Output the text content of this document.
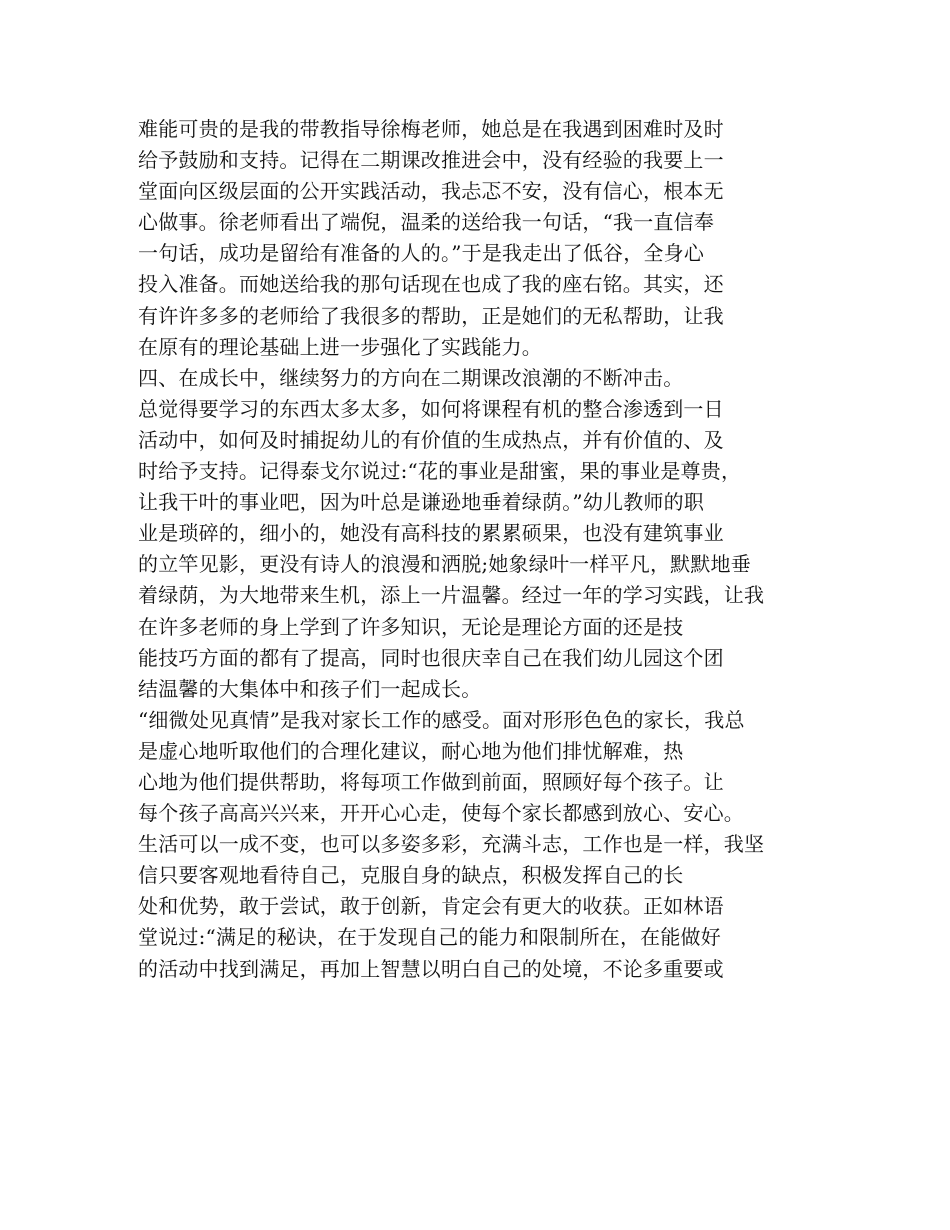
难能可贵的是我的带教指导徐梅老师，她总是在我遇到困难时及时
给予鼓励和支持。记得在二期课改推进会中，没有经验的我要上一
堂面向区级层面的公开实践活动，我忐忑不安，没有信心，根本无
心做事。徐老师看出了端倪，温柔的送给我一句话，“我一直信奉
一句话，成功是留给有准备的人的。”于是我走出了低谷，全身心
投入准备。而她送给我的那句话现在也成了我的座右铭。其实，还
有许许多多的老师给了我很多的帮助，正是她们的无私帮助，让我
在原有的理论基础上进一步强化了实践能力。
四、在成长中，继续努力的方向在二期课改浪潮的不断冲击。
总觉得要学习的东西太多太多，如何将课程有机的整合渗透到一日
活动中，如何及时捕捉幼儿的有价值的生成热点，并有价值的、及
时给予支持。记得泰戈尔说过:“花的事业是甜蜜，果的事业是尊贵，
让我干叶的事业吧，因为叶总是谦逊地垂着绿荫。”幼儿教师的职
业是琐碎的，细小的，她没有高科技的累累硕果，也没有建筑事业
的立竿见影，更没有诗人的浪漫和洒脱;她象绿叶一样平凡，默默地垂
着绿荫，为大地带来生机，添上一片温馨。经过一年的学习实践，让我
在许多老师的身上学到了许多知识，无论是理论方面的还是技
能技巧方面的都有了提高，同时也很庆幸自己在我们幼儿园这个团
结温馨的大集体中和孩子们一起成长。
“细微处见真情”是我对家长工作的感受。面对形形色色的家长，我总
是虚心地听取他们的合理化建议，耐心地为他们排忧解难，热
心地为他们提供帮助，将每项工作做到前面，照顾好每个孩子。让
每个孩子高高兴兴来，开开心心走，使每个家长都感到放心、安心。
生活可以一成不变，也可以多姿多彩，充满斗志，工作也是一样，我坚
信只要客观地看待自己，克服自身的缺点，积极发挥自己的长
处和优势，敢于尝试，敢于创新，肯定会有更大的收获。正如林语
堂说过:“满足的秘诀，在于发现自己的能力和限制所在，在能做好
的活动中找到满足，再加上智慧以明白自己的处境，不论多重要或
